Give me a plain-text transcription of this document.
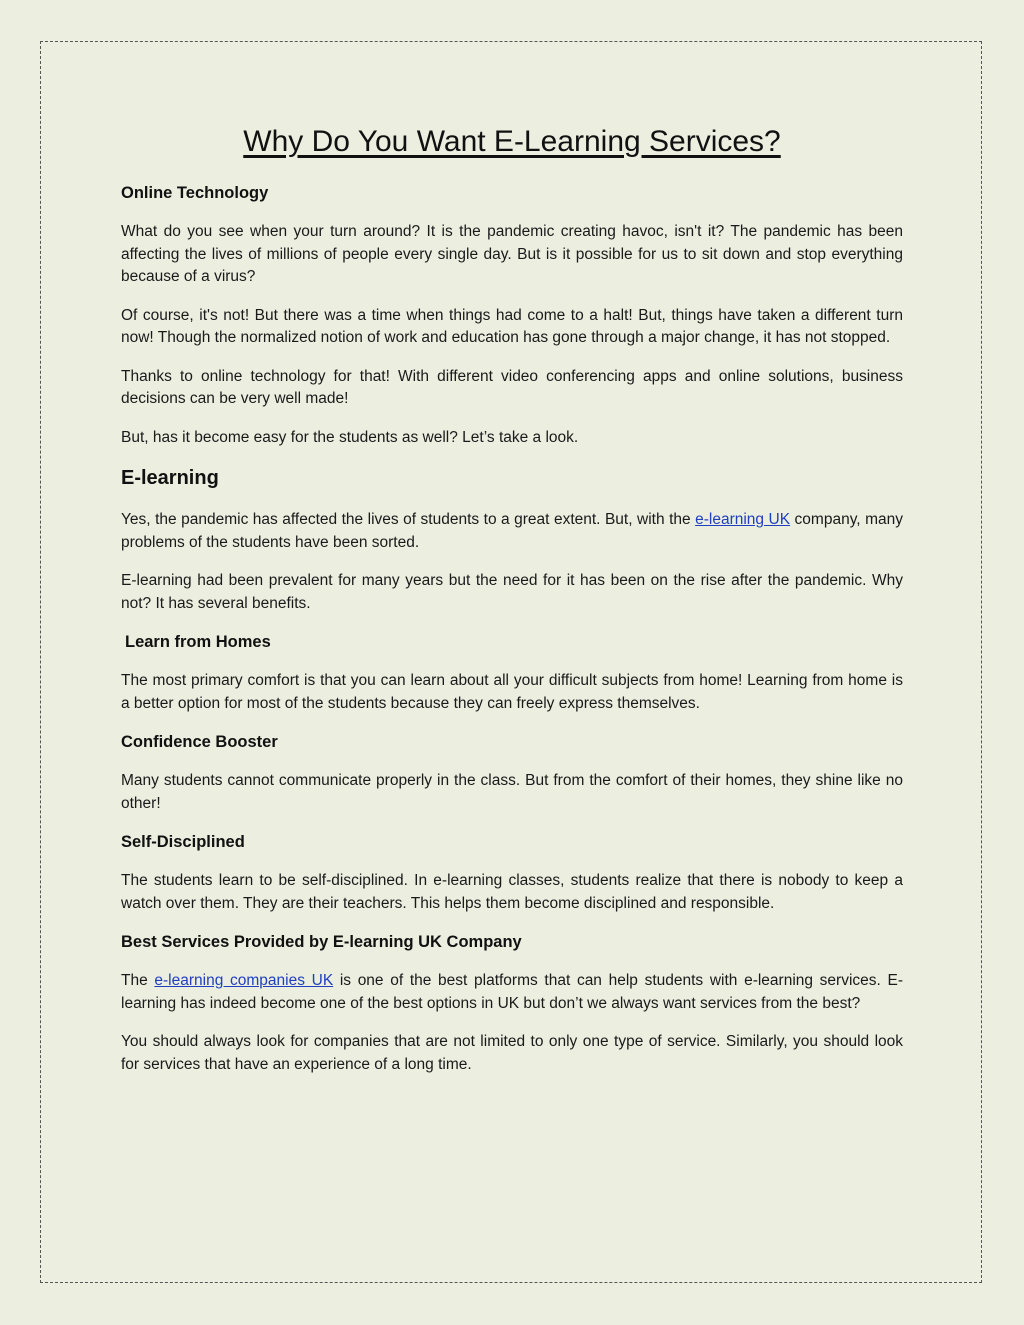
Why Do You Want E-Learning Services?
Online Technology

What do you see when your turn around? It is the pandemic creating havoc, isn't it? The pandemic has been affecting the lives of millions of people every single day. But is it possible for us to sit down and stop everything because of a virus?

Of course, it's not! But there was a time when things had come to a halt! But, things have taken a different turn now! Though the normalized notion of work and education has gone through a major change, it has not stopped.

Thanks to online technology for that! With different video conferencing apps and online solutions, business decisions can be very well made!

But, has it become easy for the students as well? Let’s take a look.

E-learning

Yes, the pandemic has affected the lives of students to a great extent. But, with the e-learning UK company, many problems of the students have been sorted.

E-learning had been prevalent for many years but the need for it has been on the rise after the pandemic. Why not? It has several benefits.

Learn from Homes

The most primary comfort is that you can learn about all your difficult subjects from home! Learning from home is a better option for most of the students because they can freely express themselves.

Confidence Booster

Many students cannot communicate properly in the class. But from the comfort of their homes, they shine like no other!

Self-Disciplined

The students learn to be self-disciplined. In e-learning classes, students realize that there is nobody to keep a watch over them. They are their teachers. This helps them become disciplined and responsible.

Best Services Provided by E-learning UK Company

The e-learning companies UK is one of the best platforms that can help students with e-learning services. E-learning has indeed become one of the best options in UK but don’t we always want services from the best?

You should always look for companies that are not limited to only one type of service. Similarly, you should look for services that have an experience of a long time.
